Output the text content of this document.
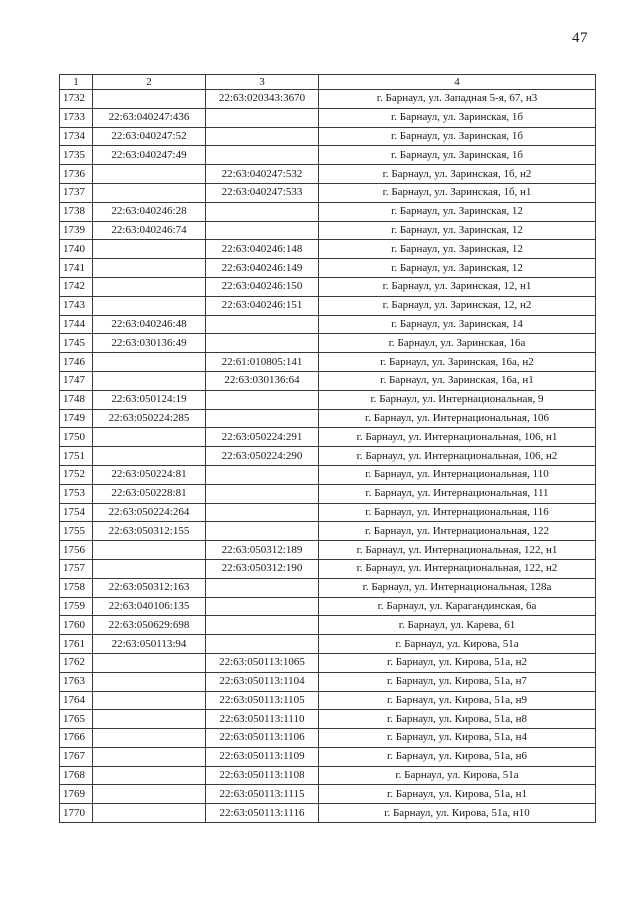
47
1	2	3	4
1732		22:63:020343:3670	г. Барнаул, ул. Западная 5-я, 67, н3
1733	22:63:040247:436		г. Барнаул, ул. Заринская, 1б
1734	22:63:040247:52		г. Барнаул, ул. Заринская, 1б
1735	22:63:040247:49		г. Барнаул, ул. Заринская, 1б
1736		22:63:040247:532	г. Барнаул, ул. Заринская, 1б, н2
1737		22:63:040247:533	г. Барнаул, ул. Заринская, 1б, н1
1738	22:63:040246:28		г. Барнаул, ул. Заринская, 12
1739	22:63:040246:74		г. Барнаул, ул. Заринская, 12
1740		22:63:040246:148	г. Барнаул, ул. Заринская, 12
1741		22:63:040246:149	г. Барнаул, ул. Заринская, 12
1742		22:63:040246:150	г. Барнаул, ул. Заринская, 12, н1
1743		22:63:040246:151	г. Барнаул, ул. Заринская, 12, н2
1744	22:63:040246:48		г. Барнаул, ул. Заринская, 14
1745	22:63:030136:49		г. Барнаул, ул. Заринская, 16а
1746		22:61:010805:141	г. Барнаул, ул. Заринская, 16а, н2
1747		22:63:030136:64	г. Барнаул, ул. Заринская, 16а, н1
1748	22:63:050124:19		г. Барнаул, ул. Интернациональная, 9
1749	22:63:050224:285		г. Барнаул, ул. Интернациональная, 106
1750		22:63:050224:291	г. Барнаул, ул. Интернациональная, 106, н1
1751		22:63:050224:290	г. Барнаул, ул. Интернациональная, 106, н2
1752	22:63:050224:81		г. Барнаул, ул. Интернациональная, 110
1753	22:63:050228:81		г. Барнаул, ул. Интернациональная, 111
1754	22:63:050224:264		г. Барнаул, ул. Интернациональная, 116
1755	22:63:050312:155		г. Барнаул, ул. Интернациональная, 122
1756		22:63:050312:189	г. Барнаул, ул. Интернациональная, 122, н1
1757		22:63:050312:190	г. Барнаул, ул. Интернациональная, 122, н2
1758	22:63:050312:163		г. Барнаул, ул. Интернациональная, 128а
1759	22:63:040106:135		г. Барнаул, ул. Карагандинская, 6а
1760	22:63:050629:698		г. Барнаул, ул. Карева, 61
1761	22:63:050113:94		г. Барнаул, ул. Кирова, 51а
1762		22:63:050113:1065	г. Барнаул, ул. Кирова, 51а, н2
1763		22:63:050113:1104	г. Барнаул, ул. Кирова, 51а, н7
1764		22:63:050113:1105	г. Барнаул, ул. Кирова, 51а, н9
1765		22:63:050113:1110	г. Барнаул, ул. Кирова, 51а, н8
1766		22:63:050113:1106	г. Барнаул, ул. Кирова, 51а, н4
1767		22:63:050113:1109	г. Барнаул, ул. Кирова, 51а, н6
1768		22:63:050113:1108	г. Барнаул, ул. Кирова, 51а
1769		22:63:050113:1115	г. Барнаул, ул. Кирова, 51а, н1
1770		22:63:050113:1116	г. Барнаул, ул. Кирова, 51а, н10
